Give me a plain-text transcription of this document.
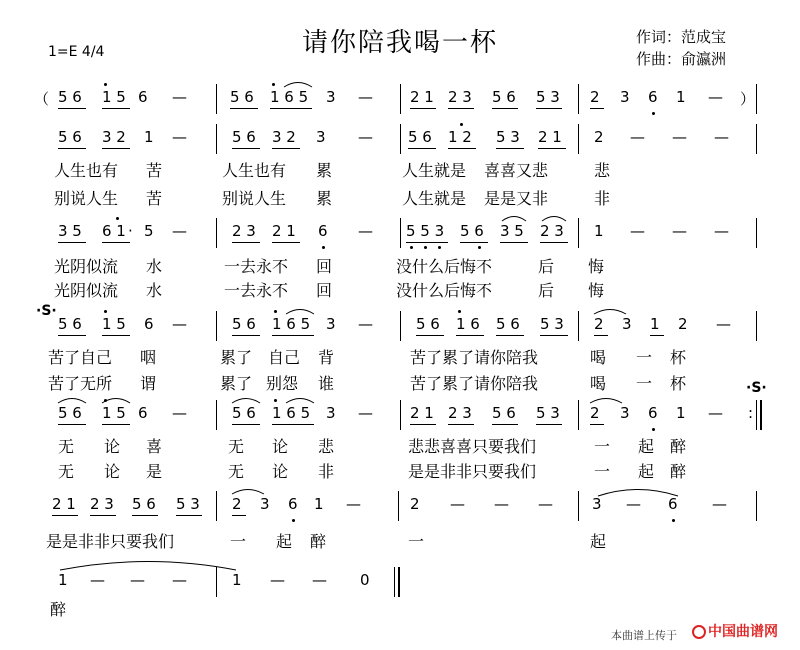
请你陪我喝一杯	作词：范成宝
作曲：俞瀛洲
1=E 4/4
（ 5 6 1 5 6 —	5 6 1 6 5 3 — 2 1 2 3 5 6 5 3 2 3 6 1 — ）
5 6 3 2 1 —	5 6 3 2 3 — 5 6 1 2 5 3 2 1 2 — — —
人生也有 苦	人生也有 累	人生就是 喜喜又悲	悲
别说人生 苦	别说人生 累	人生就是 是是又非	非
3 5 6 1 · 5 —	2 3 2 1 6 — 5 5 3 5 6 3 5 2 3 1 — — —
光阴似流 水	一去永不 回	没什么后悔不	后 悔
光阴似流 水	一去永不 回	没什么后悔不	后 悔
·S·
5 6 1 5 6 —	5 6 1 6 5 3 —	5 6 1 6 5 6 5 3 2 3 1 2 —
苦了自己 咽	累了 自己 背	苦了累了请你陪我	喝 一 杯
苦了无所 谓	累了 别怨 谁	苦了累了请你陪我	喝 一 杯	·S·
5 6 1 5 6 —	5 6 1 6 5 3 — 2 1 2 3 5 6 5 3 2 3 6 1 — :
无 论 喜	无 论 悲	悲悲喜喜只要我们	一 起 醉
无 论 是	无 论 非	是是非非只要我们	一 起 醉
2 1 2 3 5 6 5 3 2 3 6 1 —	2 — — —	3 — 6 —
是是非非只要我们	一 起 醉	一	起
1 — — —	1 — — 0
醉
本曲谱上传于	中国曲谱网
